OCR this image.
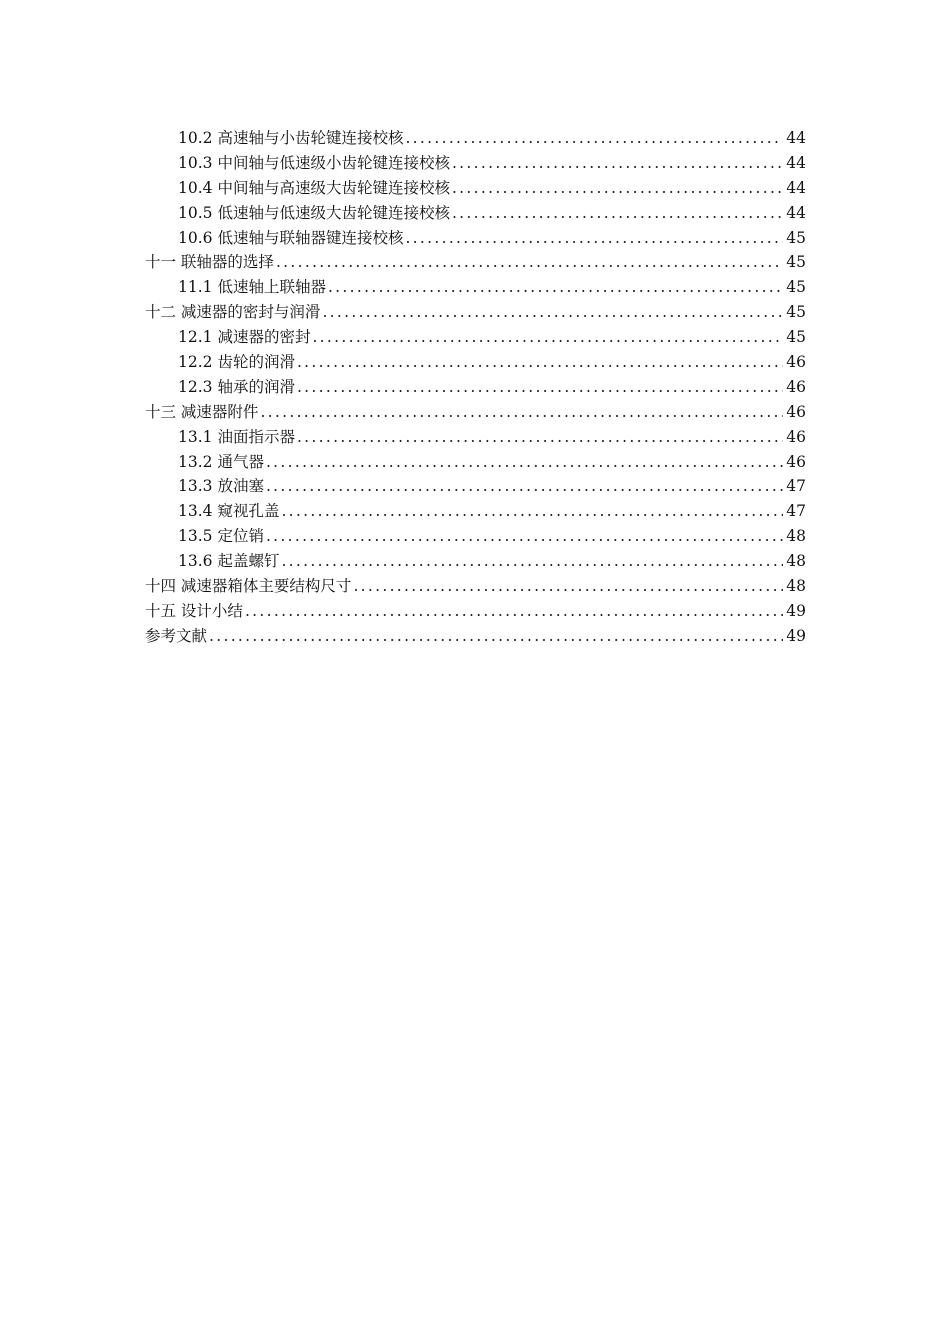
10.2 高速轴与小齿轮键连接校核 .....	44
10.3 中间轴与低速级小齿轮键连接校核 .....	44
10.4 中间轴与高速级大齿轮键连接校核 .....	44
10.5 低速轴与低速级大齿轮键连接校核 .....	44
10.6 低速轴与联轴器键连接校核 .....	45
十一 联轴器的选择 .....	45
11.1 低速轴上联轴器 .....	45
十二 减速器的密封与润滑 .....	45
12.1 减速器的密封 .....	45
12.2 齿轮的润滑 .....	46
12.3 轴承的润滑 .....	46
十三 减速器附件 .....	46
13.1 油面指示器 .....	46
13.2 通气器 .....	46
13.3 放油塞 .....	47
13.4 窥视孔盖 .....	47
13.5 定位销 .....	48
13.6 起盖螺钉 .....	48
十四 减速器箱体主要结构尺寸 .....	48
十五 设计小结 .....	49
参考文献 .....	49
